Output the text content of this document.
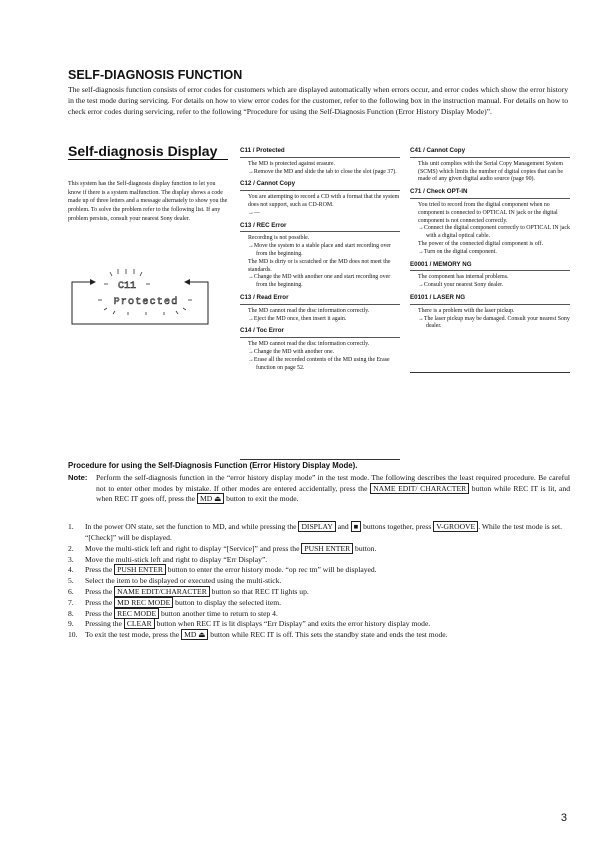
SELF-DIAGNOSIS FUNCTION
The self-diagnosis function consists of error codes for customers which are displayed automatically when errors occur, and error codes which show the error history in the test mode during servicing. For details on how to view error codes for the customer, refer to the following box in the instruction manual. For details on how to check error codes during servicing, refer to the following “Procedure for using the Self-Diagnosis Function (Error History Display Mode)”.
Self-diagnosis Display
This system has the Self-diagnosis display function to let you know if there is a system malfunction. The display shows a code made up of three letters and a message alternately to show you the problem. To solve the problem refer to the following list. If any problem persists, consult your nearest Sony dealer.
C11
Protected
C11 / Protected
The MD is protected against erasure.
→Remove the MD and slide the tab to close the slot (page 37).
C12 / Cannot Copy
You are attempting to record a CD with a format that the system does not support, such as CD-ROM.
→—
C13 / REC Error
Recording is not possible.
→Move the system to a stable place and start recording over from the beginning.
The MD is dirty or is scratched or the MD does not meet the standards.
→Change the MD with another one and start recording over from the beginning.
C13 / Read Error
The MD cannot read the disc information correctly.
→Eject the MD once, then insert it again.
C14 / Toc Error
The MD cannot read the disc information correctly.
→Change the MD with another one.
→Erase all the recorded contents of the MD using the Erase function on page 52.
C41 / Cannot Copy
This unit complies with the Serial Copy Management System (SCMS) which limits the number of digital copies that can be made of any given digital audio source (page 90).
C71 / Check OPT-IN
You tried to record from the digital component when no component is connected to OPTICAL IN jack or the digital component is not connected correctly.
→Connect the digital component correctly to OPTICAL IN jack with a digital optical cable.
The power of the connected digital component is off.
→Turn on the digital component.
E0001 / MEMORY NG
The component has internal problems.
→Consult your nearest Sony dealer.
E0101 / LASER NG
There is a problem with the laser pickup.
→The laser pickup may be damaged. Consult your nearest Sony dealer.
Procedure for using the Self-Diagnosis Function (Error History Display Mode).
Note:	Perform the self-diagnosis function in the “error history display mode” in the test mode. The following describes the least required procedure. Be careful not to enter other modes by mistake. If other modes are entered accidentally, press the NAME EDIT/ CHARACTER button while REC IT is lit, and when REC IT goes off, press the MD ⏏ button to exit the mode.
1.	In the power ON state, set the function to MD, and while pressing the DISPLAY and ■ buttons together, press V-GROOVE . While the test mode is set. “[Check]” will be displayed.
2.	Move the multi-stick left and right to display “[Service]” and press the PUSH ENTER button.
3.	Move the multi-stick left and right to display “Err Display”.
4.	Press the PUSH ENTER button to enter the error history mode. “op rec tm” will be displayed.
5.	Select the item to be displayed or executed using the multi-stick.
6.	Press the NAME EDIT/CHARACTER button so that REC IT lights up.
7.	Press the MD REC MODE button to display the selected item.
8.	Press the REC MODE button another time to return to step 4.
9.	Pressing the CLEAR button when REC IT is lit displays “Err Display” and exits the error history display mode.
10. To exit the test mode, press the MD ⏏ button while REC IT is off. This sets the standby state and ends the test mode.
3
